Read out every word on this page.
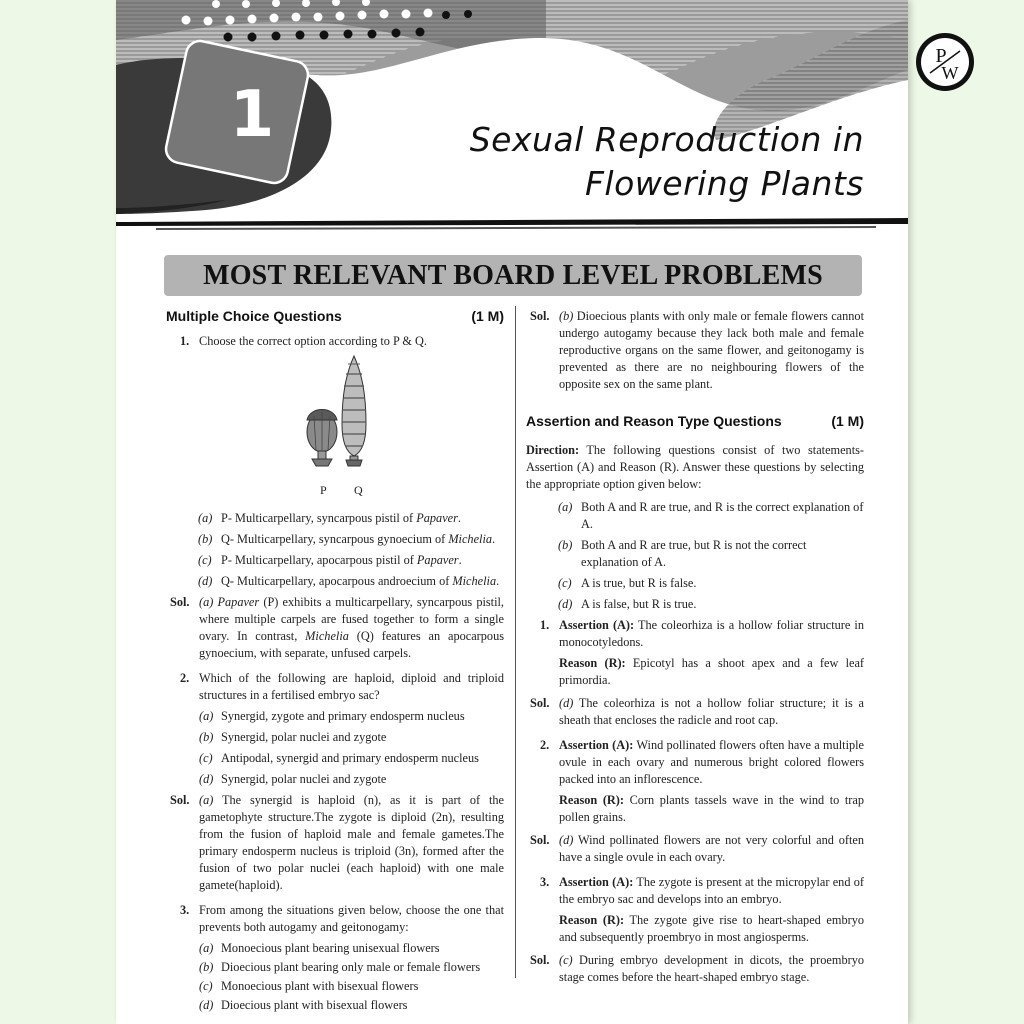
1	Sexual Reproduction in
Flowering Plants
MOST RELEVANT BOARD LEVEL PROBLEMS
Multiple Choice Questions	(1 M)
1. Choose the correct option according to P & Q.
P Q
(a) P- Multicarpellary, syncarpous pistil of Papaver.
(b) Q- Multicarpellary, syncarpous gynoecium of Michelia.
(c) P- Multicarpellary, apocarpous pistil of Papaver.
(d) Q- Multicarpellary, apocarpous androecium of Michelia.
Sol. (a) Papaver (P) exhibits a multicarpellary, syncarpous pistil, where multiple carpels are fused together to form a single ovary. In contrast, Michelia (Q) features an apocarpous gynoecium, with separate, unfused carpels.
2. Which of the following are haploid, diploid and triploid structures in a fertilised embryo sac?
(a) Synergid, zygote and primary endosperm nucleus
(b) Synergid, polar nuclei and zygote
(c) Antipodal, synergid and primary endosperm nucleus
(d) Synergid, polar nuclei and zygote
Sol. (a) The synergid is haploid (n), as it is part of the gametophyte structure.The zygote is diploid (2n), resulting from the fusion of haploid male and female gametes.The primary endosperm nucleus is triploid (3n), formed after the fusion of two polar nuclei (each haploid) with one male gamete(haploid).
3. From among the situations given below, choose the one that prevents both autogamy and geitonogamy:
(a) Monoecious plant bearing unisexual flowers
(b) Dioecious plant bearing only male or female flowers
(c) Monoecious plant with bisexual flowers
(d) Dioecious plant with bisexual flowers
Sol. (b) Dioecious plants with only male or female flowers cannot undergo autogamy because they lack both male and female reproductive organs on the same flower, and geitonogamy is prevented as there are no neighbouring flowers of the opposite sex on the same plant.
Assertion and Reason Type Questions	(1 M)
Direction: The following questions consist of two statements-Assertion (A) and Reason (R). Answer these questions by selecting the appropriate option given below:
(a) Both A and R are true, and R is the correct explanation of A.
(b) Both A and R are true, but R is not the correct explanation of A.
(c) A is true, but R is false.
(d) A is false, but R is true.
1. Assertion (A): The coleorhiza is a hollow foliar structure in monocotyledons.
Reason (R): Epicotyl has a shoot apex and a few leaf primordia.
Sol. (d) The coleorhiza is not a hollow foliar structure; it is a sheath that encloses the radicle and root cap.
2. Assertion (A): Wind pollinated flowers often have a multiple ovule in each ovary and numerous bright colored flowers packed into an inflorescence.
Reason (R): Corn plants tassels wave in the wind to trap pollen grains.
Sol. (d) Wind pollinated flowers are not very colorful and often have a single ovule in each ovary.
3. Assertion (A): The zygote is present at the micropylar end of the embryo sac and develops into an embryo.
Reason (R): The zygote give rise to heart-shaped embryo and subsequently proembryo in most angiosperms.
Sol. (c) During embryo development in dicots, the proembryo stage comes before the heart-shaped embryo stage.
P
W
